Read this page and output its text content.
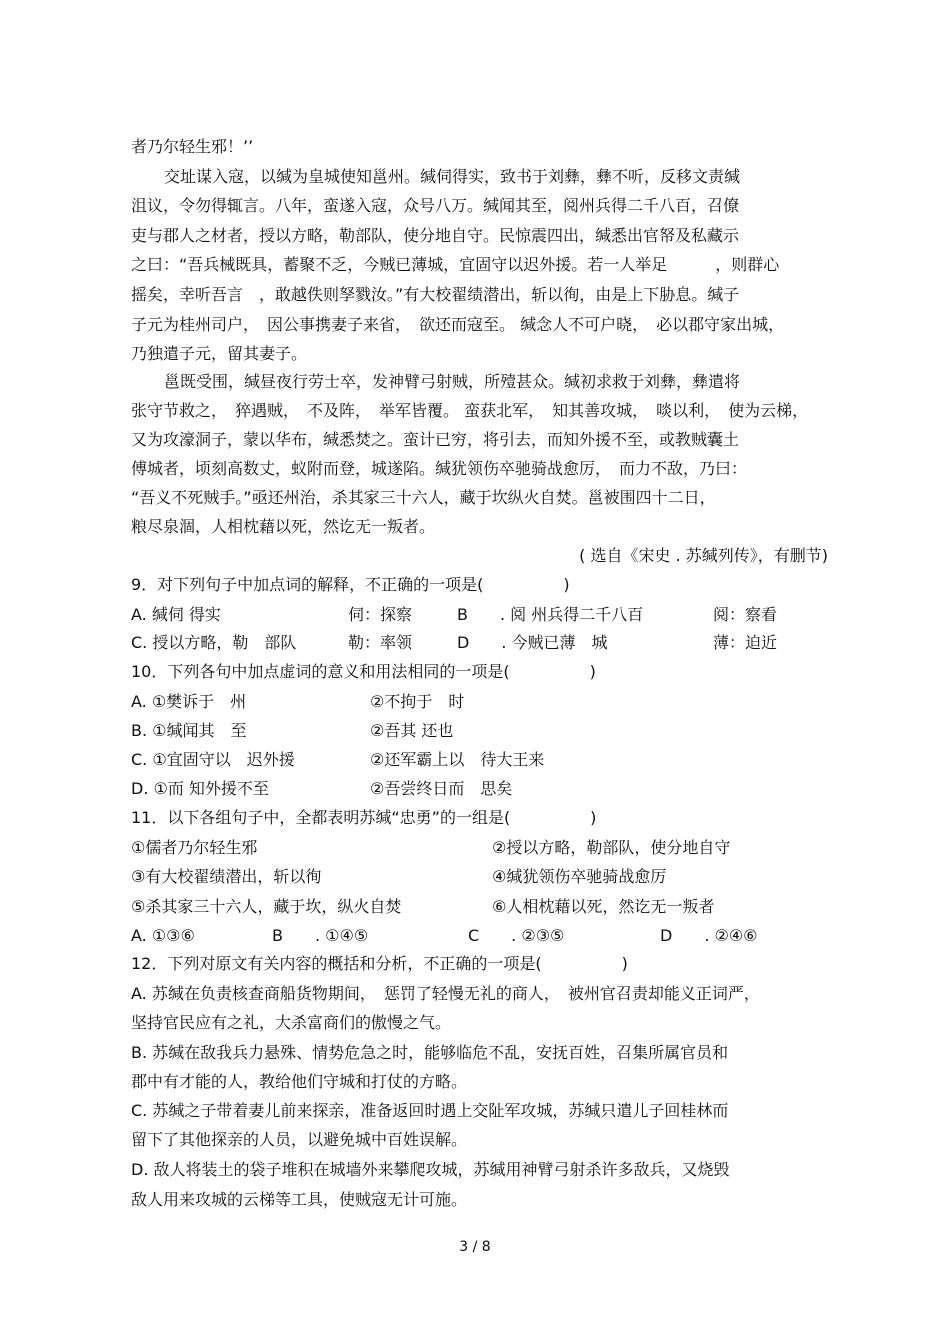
者乃尔轻生邪！’’
交址谋入寇，以缄为皇城使知邕州。缄伺得实，致书于刘彝，彝不听，反移文责缄
沮议，令勿得辄言。八年，蛮遂入寇，众号八万。缄闻其至，阅州兵得二千八百，召僚
吏与郡人之材者，授以方略，勒部队，使分地自守。民惊震四出，缄悉出官帑及私藏示
之曰：“吾兵械既具，蓄聚不乏，今贼已薄城，宜固守以迟外援。若一人举足　　　，则群心
摇矣，幸听吾言　，敢越佚则孥戮汝。”有大校翟绩潜出，斩以徇，由是上下胁息。缄子
子元为桂州司户，　因公事携妻子来省，　欲还而寇至。 缄念人不可户晓，　必以郡守家出城，
乃独遣子元，留其妻子。
邕既受围，缄昼夜行劳士卒，发神臂弓射贼，所殪甚众。缄初求救于刘彝，彝遣将
张守节救之，　猝遇贼，　不及阵，　举军皆覆。 蛮获北军，　知其善攻城，　啖以利，　使为云梯，
又为攻濠洞子，蒙以华布，缄悉焚之。蛮计已穷，将引去，而知外援不至，或教贼囊土
傅城者，顷刻高数丈，蚁附而登，城遂陷。缄犹领伤卒驰骑战愈厉，　而力不敌，乃曰：
“吾义不死贼手。”亟还州治，杀其家三十六人，藏于坎纵火自焚。邕被围四十二日，
粮尽泉涸，人相枕藉以死，然讫无一叛者。
( 选自《宋史 . 苏缄列传》，有删节)
9．对下列句子中加点词的解释，不正确的一项是(　　　　　)
A. 缄伺 得实	伺：探察	B　　. 阅 州兵得二千八百	阅：察看
C. 授以方略，勒　部队	勒：率领	D　　. 今贼已薄　城	薄：迫近
10．下列各句中加点虚词的意义和用法相同的一项是(　　　　　)
A. ①樊诉于　州	②不拘于　时
B. ①缄闻其　至	②吾其 还也
C. ①宜固守以　迟外援	②还军霸上以　待大王来
D. ①而 知外援不至	②吾尝终日而　思矣
11．以下各组句子中，全都表明苏缄“忠勇”的一组是(　　　　　)
①儒者乃尔轻生邪	②授以方略，勒部队，使分地自守
③有大校翟绩潜出，斩以徇	④缄犹领伤卒驰骑战愈厉
⑤杀其家三十六人，藏于坎，纵火自焚	⑥人相枕藉以死，然讫无一叛者
A. ①③⑥	B　　. ①④⑤	C　　. ②③⑤	D　　. ②④⑥
12．下列对原文有关内容的概括和分析，不正确的一项是(　　　　　)
A. 苏缄在负责核查商船货物期间，　惩罚了轻慢无礼的商人，　被州官召责却能义正词严，
坚持官民应有之礼，大杀富商们的傲慢之气。
B. 苏缄在敌我兵力悬殊、情势危急之时，能够临危不乱，安抚百姓，召集所属官员和
郡中有才能的人，教给他们守城和打仗的方略。
C. 苏缄之子带着妻儿前来探亲，准备返回时遇上交阯军攻城，苏缄只遣儿子回桂林而
留下了其他探亲的人员，以避免城中百姓误解。
D. 敌人将装土的袋子堆积在城墙外来攀爬攻城，苏缄用神臂弓射杀许多敌兵，又烧毁
敌人用来攻城的云梯等工具，使贼寇无计可施。
3 / 8
